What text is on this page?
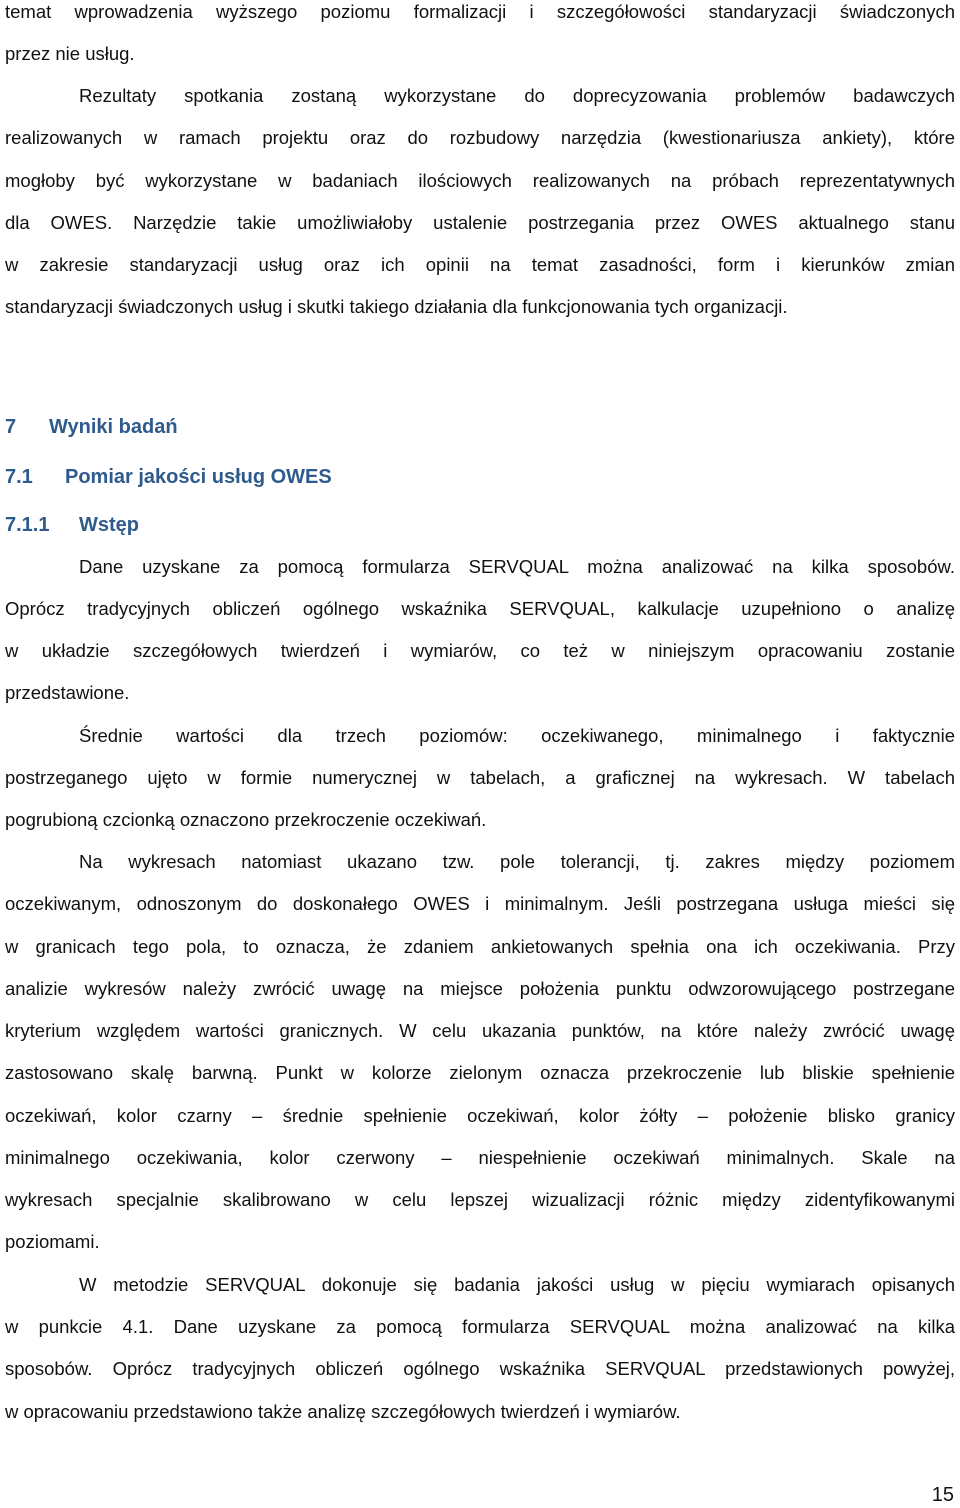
temat wprowadzenia wyższego poziomu formalizacji i szczegółowości standaryzacji świadczonych
przez nie usług.
Rezultaty spotkania zostaną wykorzystane do doprecyzowania problemów badawczych
realizowanych w ramach projektu oraz do rozbudowy narzędzia (kwestionariusza ankiety), które
mogłoby być wykorzystane w badaniach ilościowych realizowanych na próbach reprezentatywnych
dla OWES. Narzędzie takie umożliwiałoby ustalenie postrzegania przez OWES aktualnego stanu
w zakresie standaryzacji usług oraz ich opinii na temat zasadności, form i kierunków zmian
standaryzacji świadczonych usług i skutki takiego działania dla funkcjonowania tych organizacji.
7 Wyniki badań
7.1 Pomiar jakości usług OWES
7.1.1 Wstęp
Dane uzyskane za pomocą formularza SERVQUAL można analizować na kilka sposobów.
Oprócz tradycyjnych obliczeń ogólnego wskaźnika SERVQUAL, kalkulacje uzupełniono o analizę
w układzie szczegółowych twierdzeń i wymiarów, co też w niniejszym opracowaniu zostanie
przedstawione.
Średnie wartości dla trzech poziomów: oczekiwanego, minimalnego i faktycznie
postrzeganego ujęto w formie numerycznej w tabelach, a graficznej na wykresach. W tabelach
pogrubioną czcionką oznaczono przekroczenie oczekiwań.
Na wykresach natomiast ukazano tzw. pole tolerancji, tj. zakres między poziomem
oczekiwanym, odnoszonym do doskonałego OWES i minimalnym. Jeśli postrzegana usługa mieści się
w granicach tego pola, to oznacza, że zdaniem ankietowanych spełnia ona ich oczekiwania. Przy
analizie wykresów należy zwrócić uwagę na miejsce położenia punktu odwzorowującego postrzegane
kryterium względem wartości granicznych. W celu ukazania punktów, na które należy zwrócić uwagę
zastosowano skalę barwną. Punkt w kolorze zielonym oznacza przekroczenie lub bliskie spełnienie
oczekiwań, kolor czarny – średnie spełnienie oczekiwań, kolor żółty – położenie blisko granicy
minimalnego oczekiwania, kolor czerwony – niespełnienie oczekiwań minimalnych. Skale na
wykresach specjalnie skalibrowano w celu lepszej wizualizacji różnic między zidentyfikowanymi
poziomami.
W metodzie SERVQUAL dokonuje się badania jakości usług w pięciu wymiarach opisanych
w punkcie 4.1. Dane uzyskane za pomocą formularza SERVQUAL można analizować na kilka
sposobów. Oprócz tradycyjnych obliczeń ogólnego wskaźnika SERVQUAL przedstawionych powyżej,
w opracowaniu przedstawiono także analizę szczegółowych twierdzeń i wymiarów.
15
